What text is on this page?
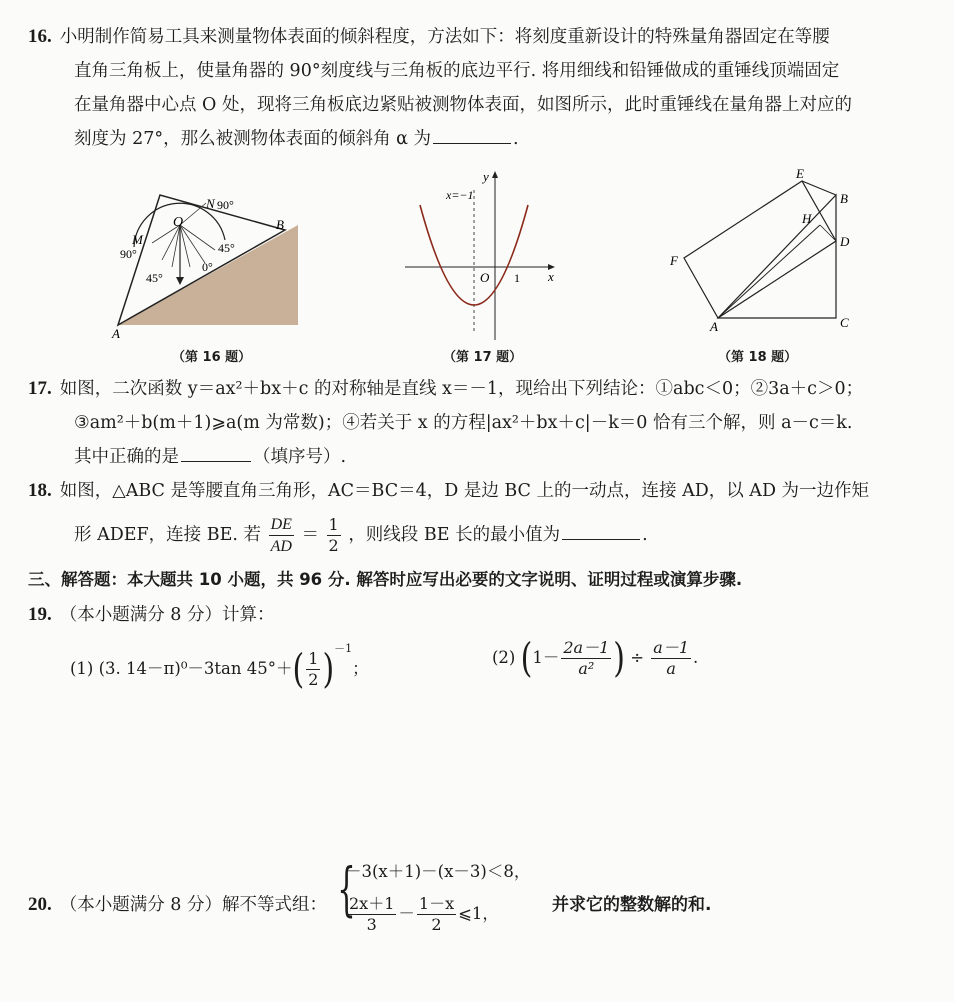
16. 小明制作简易工具来测量物体表面的倾斜程度，方法如下：将刻度重新设计的特殊量角器固定在等腰
直角三角板上，使量角器的 90°刻度线与三角板的底边平行. 将用细线和铅锤做成的重锤线顶端固定
在量角器中心点 O 处，现将三角板底边紧贴被测物体表面，如图所示，此时重锤线在量角器上对应的
刻度为 27°，那么被测物体表面的倾斜角 α 为	.
O
N 90°
M
90°	45°
45°
0°
A
B
（第 16 题）
y
x
x=−1
O 1
（第 17 题）
E
B
H
D
F
A	C
（第 18 题）
17. 如图，二次函数 y＝ax²＋bx＋c 的对称轴是直线 x＝－1，现给出下列结论：①abc＜0；②3a＋c＞0；
③am²＋b(m＋1)⩾a(m 为常数)；④若关于 x 的方程|ax²＋bx＋c|－k＝0 恰有三个解，则 a－c＝k.
其中正确的是	（填序号）.
18. 如图，△ABC 是等腰直角三角形，AC＝BC＝4，D 是边 BC 上的一动点，连接 AD，以 AD 为一边作矩
形 ADEF，连接 BE. 若 $\frac{DE}{AD} = \frac{1}{2}$ ，则线段 BE 长的最小值为	.
三、解答题：本大题共 10 小题，共 96 分. 解答时应写出必要的文字说明、证明过程或演算步骤.
19. （本小题满分 8 分）计算：
(1) (3. 14－π)⁰－3tan $45^\circ+( \frac{1}{2} )^{-1}$；
(2) ($1- \frac{2a-1}{\text{a²}}$ ) ÷ $\frac{a-1}{a}$ .
20. （本小题满分 8 分）解不等式组： {
－3(x＋1)－(x－3)＜8，
$\frac{2x+1}{3} - \frac{1-x}{2}$ ⩽1，	并求它的整数解的和.
